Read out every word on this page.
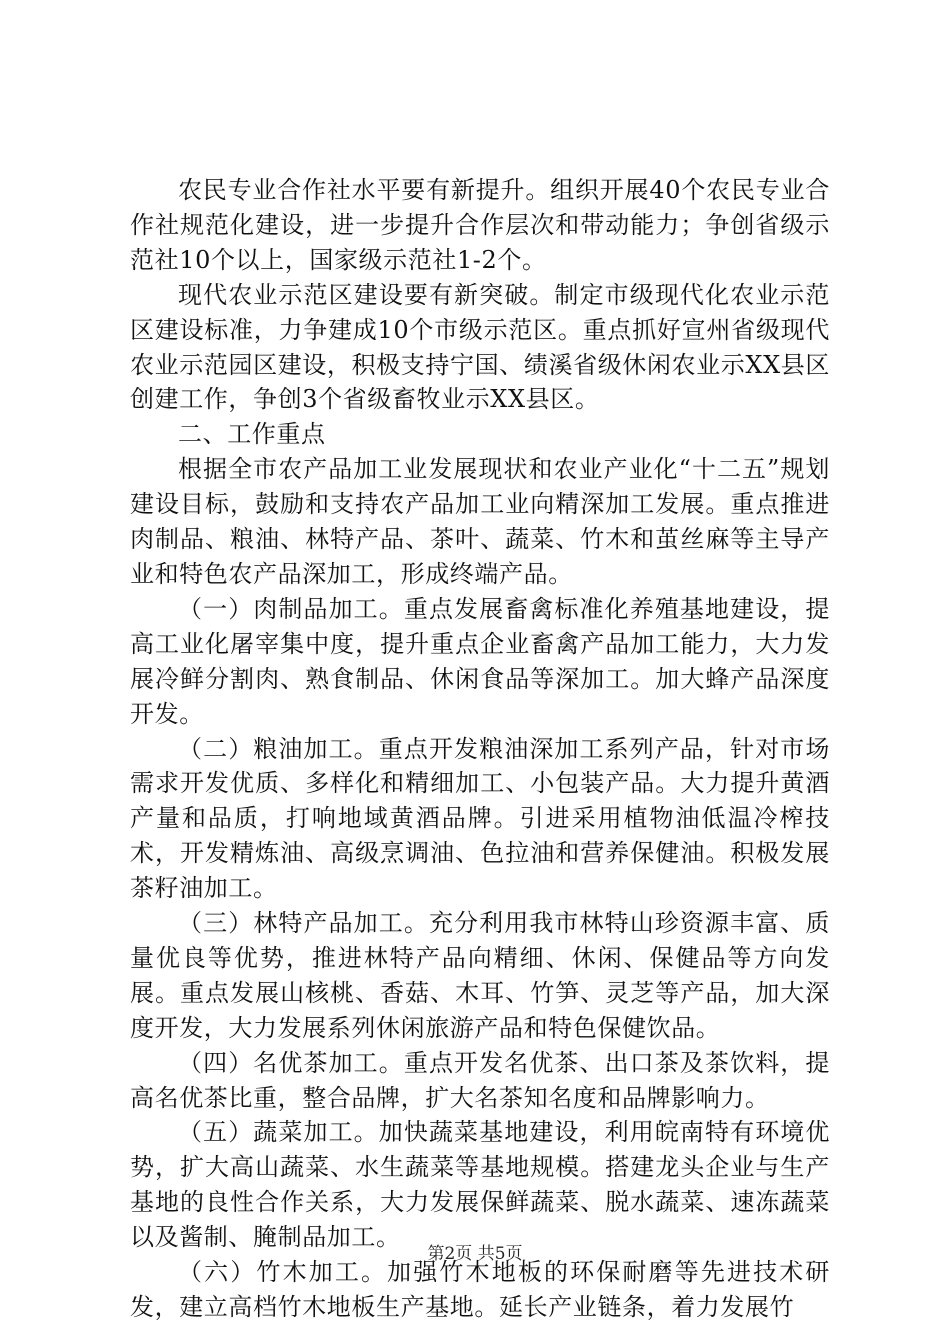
农民专业合作社水平要有新提升。组织开展40个农民专业合作社规范化建设，进一步提升合作层次和带动能力；争创省级示范社10个以上，国家级示范社1-2个。

现代农业示范区建设要有新突破。制定市级现代化农业示范区建设标准，力争建成10个市级示范区。重点抓好宣州省级现代农业示范园区建设，积极支持宁国、绩溪省级休闲农业示XX县区创建工作，争创3个省级畜牧业示XX县区。

二、工作重点

根据全市农产品加工业发展现状和农业产业化“十二五”规划建设目标，鼓励和支持农产品加工业向精深加工发展。重点推进肉制品、粮油、林特产品、茶叶、蔬菜、竹木和茧丝麻等主导产业和特色农产品深加工，形成终端产品。

（一）肉制品加工。重点发展畜禽标准化养殖基地建设，提高工业化屠宰集中度，提升重点企业畜禽产品加工能力，大力发展冷鲜分割肉、熟食制品、休闲食品等深加工。加大蜂产品深度开发。

（二）粮油加工。重点开发粮油深加工系列产品，针对市场需求开发优质、多样化和精细加工、小包装产品。大力提升黄酒产量和品质，打响地域黄酒品牌。引进采用植物油低温冷榨技术，开发精炼油、高级烹调油、色拉油和营养保健油。积极发展茶籽油加工。

（三）林特产品加工。充分利用我市林特山珍资源丰富、质量优良等优势，推进林特产品向精细、休闲、保健品等方向发展。重点发展山核桃、香菇、木耳、竹笋、灵芝等产品，加大深度开发，大力发展系列休闲旅游产品和特色保健饮品。

（四）名优茶加工。重点开发名优茶、出口茶及茶饮料，提高名优茶比重，整合品牌，扩大名茶知名度和品牌影响力。

（五）蔬菜加工。加快蔬菜基地建设，利用皖南特有环境优势，扩大高山蔬菜、水生蔬菜等基地规模。搭建龙头企业与生产基地的良性合作关系，大力发展保鲜蔬菜、脱水蔬菜、速冻蔬菜以及酱制、腌制品加工。

（六）竹木加工。加强竹木地板的环保耐磨等先进技术研发，建立高档竹木地板生产基地。延长产业链条，着力发展竹

第2页 共5页
